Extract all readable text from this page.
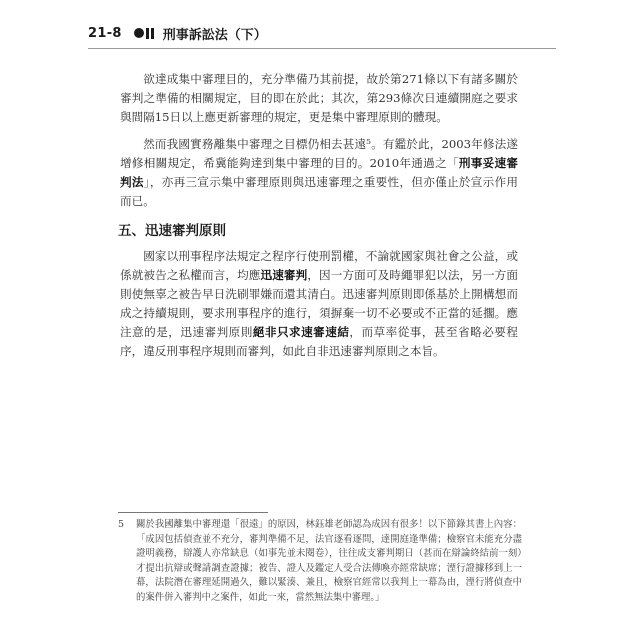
21-8	刑事訴訟法（下）

欲達成集中審理目的，充分準備乃其前提，故於第271條以下有諸多關於審判之準備的相關規定，目的即在於此；其次，第293條次日連續開庭之要求與間隔15日以上應更新審理的規定，更是集中審理原則的體現。

然而我國實務離集中審理之目標仍相去甚遠⁵。有鑑於此，2003年修法遂增修相關規定，希冀能夠達到集中審理的目的。2010年通過之「刑事妥速審判法」，亦再三宣示集中審理原則與迅速審理之重要性，但亦僅止於宣示作用而已。

五、迅速審判原則

國家以刑事程序法規定之程序行使刑罰權，不論就國家與社會之公益，或係就被告之私權而言，均應迅速審判，因一方面可及時繩罪犯以法，另一方面則使無辜之被告早日洗刷罪嫌而還其清白。迅速審判原則即係基於上開構想而成之持續規則，要求刑事程序的進行，須摒棄一切不必要或不正當的延擱。應注意的是，迅速審判原則絕非只求速審速結，而草率從事，甚至省略必要程序，違反刑事程序規則而審判，如此自非迅速審判原則之本旨。

5	關於我國離集中審理還「很遠」的原因，林鈺雄老師認為成因有很多！以下節錄其書上內容：「成因包括偵查並不充分，審判準備不足，法官逐看逐問，達開庭逢準備；檢察官未能充分盡證明義務，辯護人亦常缺息（如事先並未閱卷），往往成支審判期日（甚而在辯論終結前一刻）才提出抗辯或聲請調查證據；被告、證人及鑑定人受合法傳喚亦經常缺席；湮行證據移到上一幕，法院潛在審理延開過久，難以緊湊、兼且，檢察官經常以我判上一幕為由，湮行將偵查中的案件併入審判中之案件，如此一來，當然無法集中審理。」
